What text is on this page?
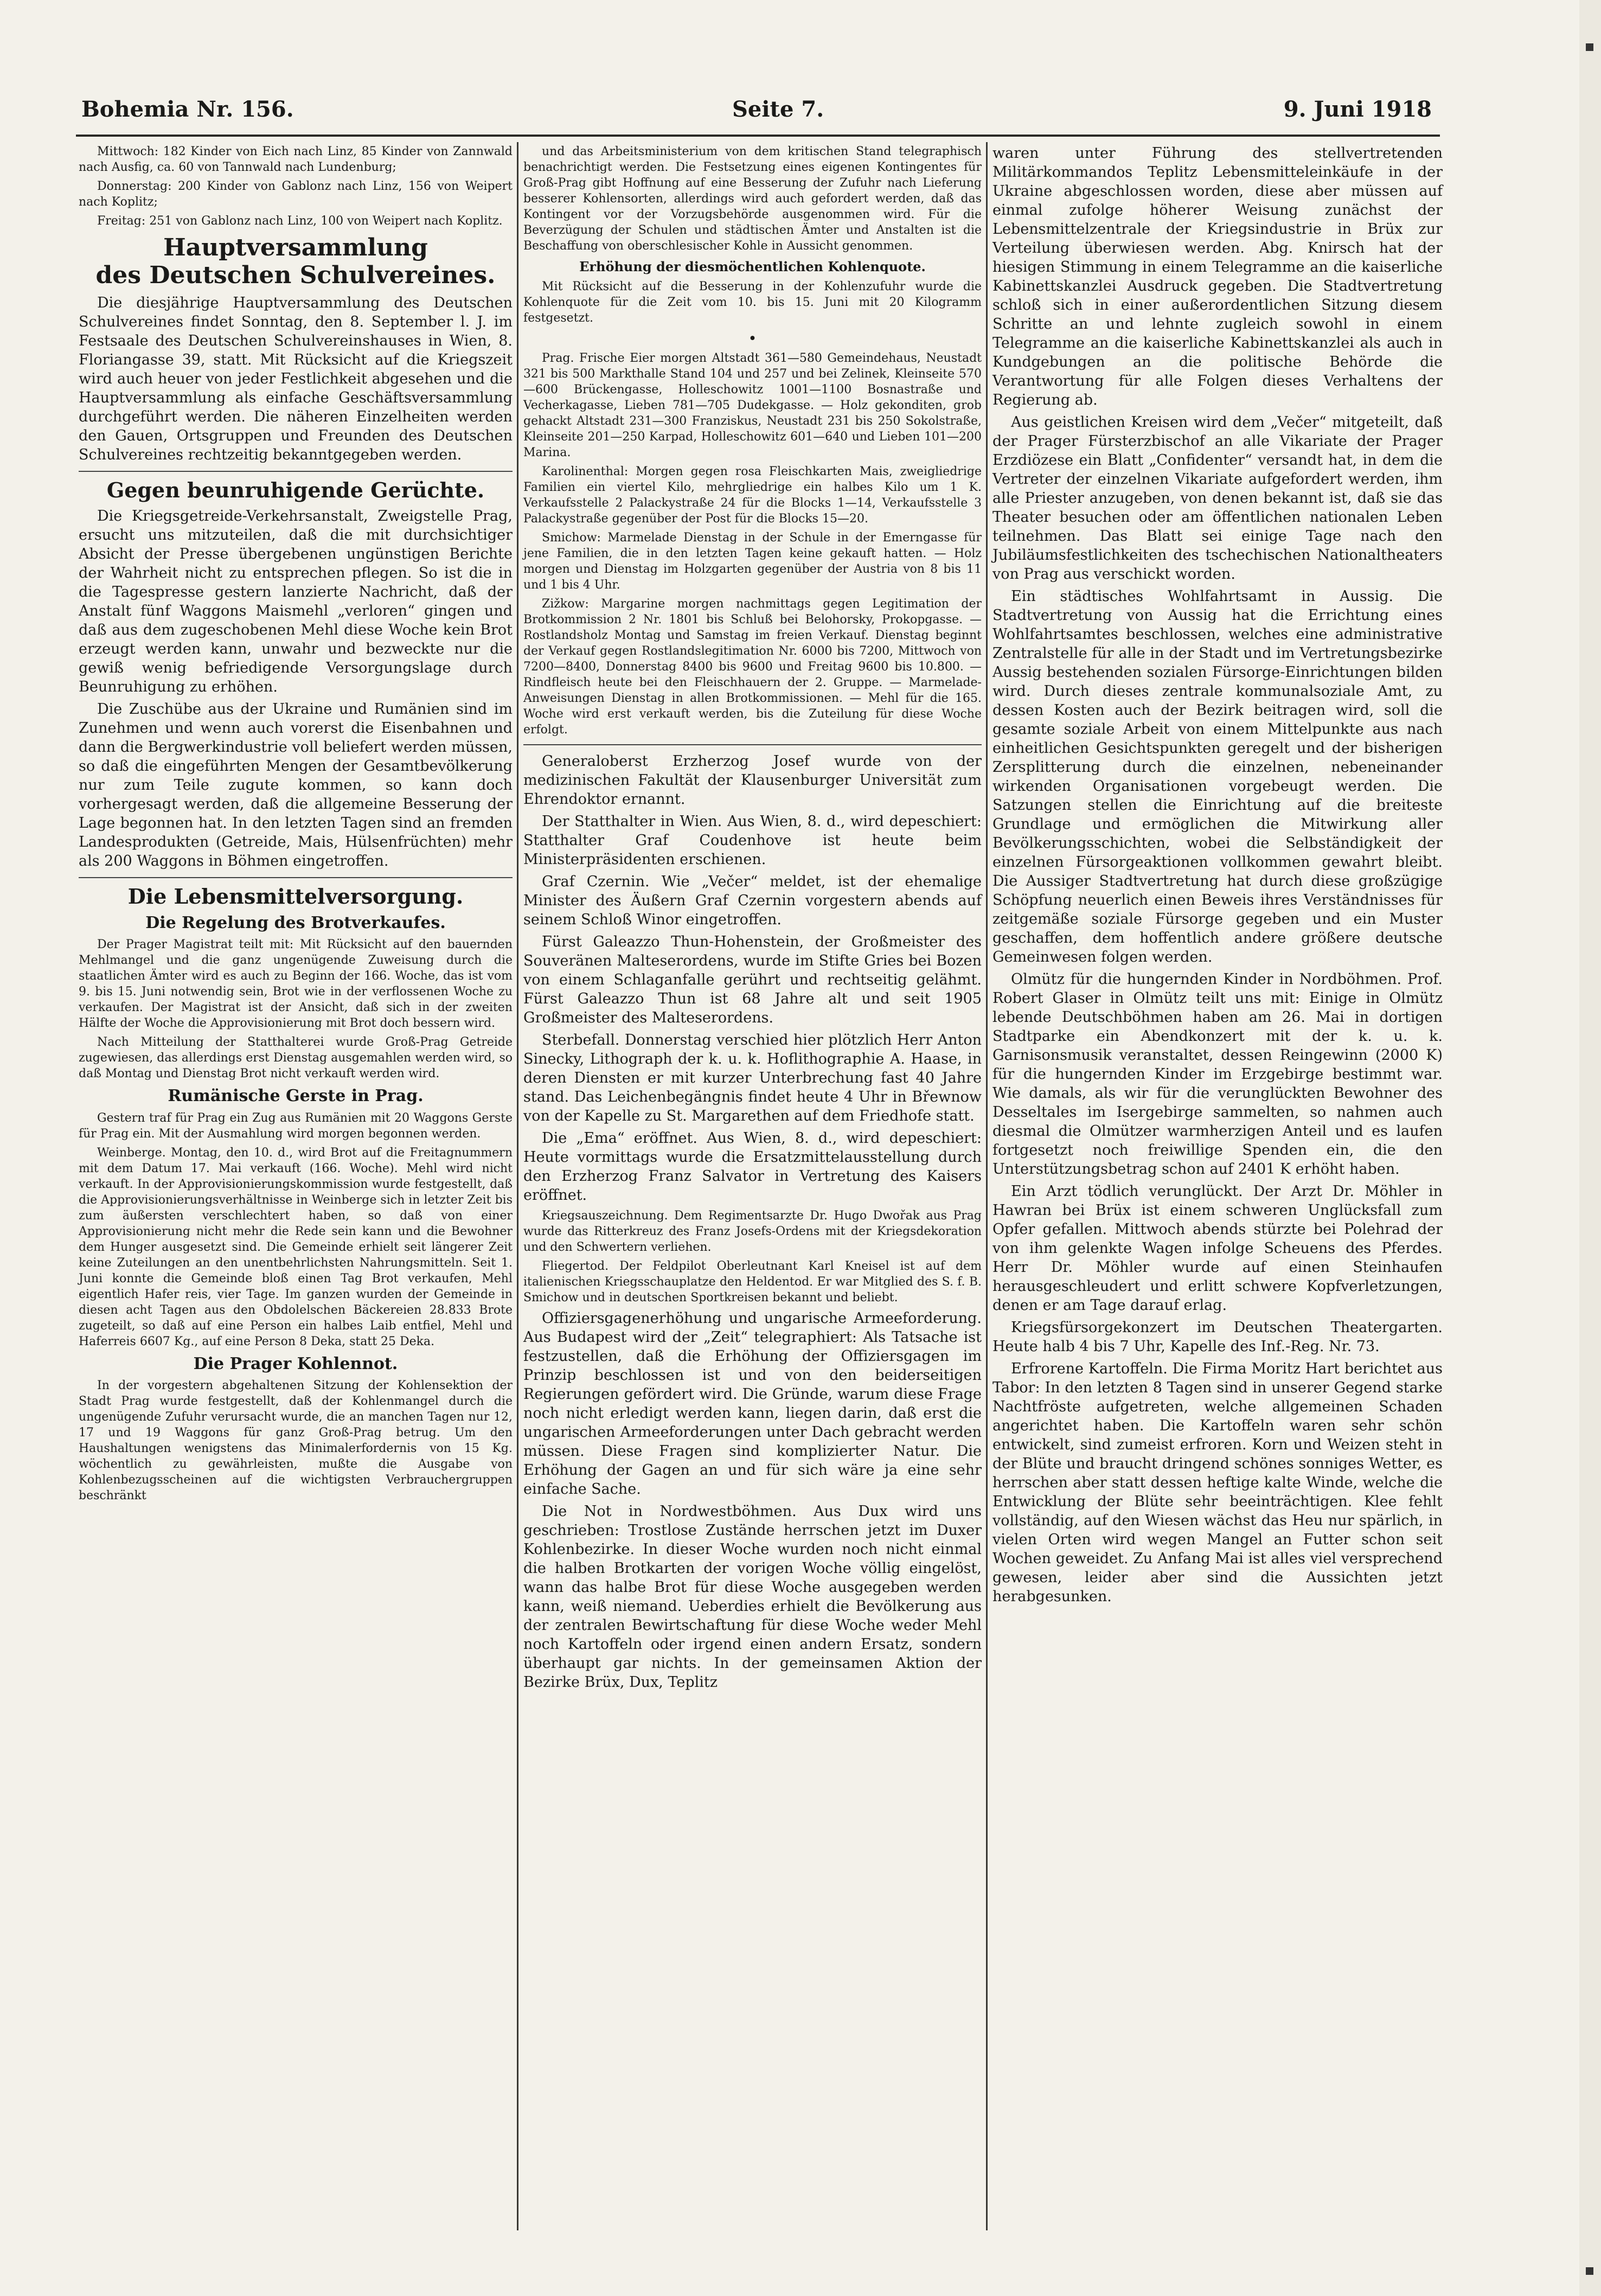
Bohemia Nr. 156.	Seite 7.	9. Juni 1918

Mittwoch: 182 Kinder von Eich nach Linz, 85 Kinder von Zannwald nach Ausfig, ca. 60 von Tannwald nach Lundenburg;

Donnerstag: 200 Kinder von Gablonz nach Linz, 156 von Weipert nach Koplitz;

Freitag: 251 von Gablonz nach Linz, 100 von Weipert nach Koplitz.

Hauptversammlung
des Deutschen Schulvereines.

Die diesjährige Hauptversammlung des Deutschen Schulvereines findet Sonntag, den 8. September l. J. im Festsaale des Deutschen Schulvereinshauses in Wien, 8. Floriangasse 39, statt. Mit Rücksicht auf die Kriegszeit wird auch heuer von jeder Festlichkeit abgesehen und die Hauptversammlung als einfache Geschäftsversammlung durchgeführt werden. Die näheren Einzelheiten werden den Gauen, Ortsgruppen und Freunden des Deutschen Schulvereines rechtzeitig bekanntgegeben werden.

Gegen beunruhigende Gerüchte.

Die Kriegsgetreide-Verkehrsanstalt, Zweigstelle Prag, ersucht uns mitzuteilen, daß die mit durchsichtiger Absicht der Presse übergebenen ungünstigen Berichte der Wahrheit nicht zu entsprechen pflegen. So ist die in die Tagespresse gestern lanzierte Nachricht, daß der Anstalt fünf Waggons Maismehl „verloren“ gingen und daß aus dem zugeschobenen Mehl diese Woche kein Brot erzeugt werden kann, unwahr und bezweckte nur die gewiß wenig befriedigende Versorgungslage durch Beunruhigung zu erhöhen.

Die Zuschübe aus der Ukraine und Rumänien sind im Zunehmen und wenn auch vorerst die Eisenbahnen und dann die Bergwerkindustrie voll beliefert werden müssen, so daß die eingeführten Mengen der Gesamtbevölkerung nur zum Teile zugute kommen, so kann doch vorhergesagt werden, daß die allgemeine Besserung der Lage begonnen hat. In den letzten Tagen sind an fremden Landesprodukten (Getreide, Mais, Hülsenfrüchten) mehr als 200 Waggons in Böhmen eingetroffen.

Die Lebensmittelversorgung.
Die Regelung des Brotverkaufes.

Der Prager Magistrat teilt mit: Mit Rücksicht auf den bauernden Mehlmangel und die ganz ungenügende Zuweisung durch die staatlichen Ämter wird es auch zu Beginn der 166. Woche, das ist vom 9. bis 15. Juni notwendig sein, Brot wie in der verflossenen Woche zu verkaufen. Der Magistrat ist der Ansicht, daß sich in der zweiten Hälfte der Woche die Approvisionierung mit Brot doch bessern wird.

Nach Mitteilung der Statthalterei wurde Groß-Prag Getreide zugewiesen, das allerdings erst Dienstag ausgemahlen werden wird, so daß Montag und Dienstag Brot nicht verkauft werden wird.

Rumänische Gerste in Prag.

Gestern traf für Prag ein Zug aus Rumänien mit 20 Waggons Gerste für Prag ein. Mit der Ausmahlung wird morgen begonnen werden.

Weinberge. Montag, den 10. d., wird Brot auf die Freitagnummern mit dem Datum 17. Mai verkauft (166. Woche). Mehl wird nicht verkauft. In der Approvisionierungskommission wurde festgestellt, daß die Approvisionierungsverhältnisse in Weinberge sich in letzter Zeit bis zum äußersten verschlechtert haben, so daß von einer Approvisionierung nicht mehr die Rede sein kann und die Bewohner dem Hunger ausgesetzt sind. Die Gemeinde erhielt seit längerer Zeit keine Zuteilungen an den unentbehrlichsten Nahrungsmitteln. Seit 1. Juni konnte die Gemeinde bloß einen Tag Brot verkaufen, Mehl eigentlich Hafer reis, vier Tage. Im ganzen wurden der Gemeinde in diesen acht Tagen aus den Obdolelschen Bäckereien 28.833 Brote zugeteilt, so daß auf eine Person ein halbes Laib entfiel, Mehl und Haferreis 6607 Kg., auf eine Person 8 Deka, statt 25 Deka.

Die Prager Kohlennot.

In der vorgestern abgehaltenen Sitzung der Kohlensektion der Stadt Prag wurde festgestellt, daß der Kohlenmangel durch die ungenügende Zufuhr verursacht wurde, die an manchen Tagen nur 12, 17 und 19 Waggons für ganz Groß-Prag betrug. Um den Haushaltungen wenigstens das Minimalerfordernis von 15 Kg. wöchentlich zu gewährleisten, mußte die Ausgabe von Kohlenbezugsscheinen auf die wichtigsten Verbrauchergruppen beschränkt

und das Arbeitsministerium von dem kritischen Stand telegraphisch benachrichtigt werden. Die Festsetzung eines eigenen Kontingentes für Groß-Prag gibt Hoffnung auf eine Besserung der Zufuhr nach Lieferung besserer Kohlensorten, allerdings wird auch gefordert werden, daß das Kontingent vor der Vorzugsbehörde ausgenommen wird. Für die Beverzügung der Schulen und städtischen Ämter und Anstalten ist die Beschaffung von oberschlesischer Kohle in Aussicht genommen.

Erhöhung der diesmöchentlichen Kohlenquote.

Mit Rücksicht auf die Besserung in der Kohlenzufuhr wurde die Kohlenquote für die Zeit vom 10. bis 15. Juni mit 20 Kilogramm festgesetzt.

•

Prag. Frische Eier morgen Altstadt 361—580 Gemeindehaus, Neustadt 321 bis 500 Markthalle Stand 104 und 257 und bei Zelinek, Kleinseite 570—600 Brückengasse, Holleschowitz 1001—1100 Bosnastraße und Vecherkagasse, Lieben 781—705 Dudekgasse. — Holz gekonditen, grob gehackt Altstadt 231—300 Franziskus, Neustadt 231 bis 250 Sokolstraße, Kleinseite 201—250 Karpad, Holleschowitz 601—640 und Lieben 101—200 Marina.

Karolinenthal: Morgen gegen rosa Fleischkarten Mais, zweigliedrige Familien ein viertel Kilo, mehrgliedrige ein halbes Kilo um 1 K. Verkaufsstelle 2 Palackystraße 24 für die Blocks 1—14, Verkaufsstelle 3 Palackystraße gegenüber der Post für die Blocks 15—20.

Smichow: Marmelade Dienstag in der Schule in der Emerngasse für jene Familien, die in den letzten Tagen keine gekauft hatten. — Holz morgen und Dienstag im Holzgarten gegenüber der Austria von 8 bis 11 und 1 bis 4 Uhr.

Zižkow: Margarine morgen nachmittags gegen Legitimation der Brotkommission 2 Nr. 1801 bis Schluß bei Belohorsky, Prokopgasse. — Rostlandsholz Montag und Samstag im freien Verkauf. Dienstag beginnt der Verkauf gegen Rostlandslegitimation Nr. 6000 bis 7200, Mittwoch von 7200—8400, Donnerstag 8400 bis 9600 und Freitag 9600 bis 10.800. — Rindfleisch heute bei den Fleischhauern der 2. Gruppe. — Marmelade-Anweisungen Dienstag in allen Brotkommissionen. — Mehl für die 165. Woche wird erst verkauft werden, bis die Zuteilung für diese Woche erfolgt.

Generaloberst Erzherzog Josef wurde von der medizinischen Fakultät der Klausenburger Universität zum Ehrendoktor ernannt.

Der Statthalter in Wien. Aus Wien, 8. d., wird depeschiert: Statthalter Graf Coudenhove ist heute beim Ministerpräsidenten erschienen.

Graf Czernin. Wie „Večer“ meldet, ist der ehemalige Minister des Äußern Graf Czernin vorgestern abends auf seinem Schloß Winor eingetroffen.

Fürst Galeazzo Thun-Hohenstein, der Großmeister des Souveränen Malteserordens, wurde im Stifte Gries bei Bozen von einem Schlaganfalle gerührt und rechtseitig gelähmt. Fürst Galeazzo Thun ist 68 Jahre alt und seit 1905 Großmeister des Malteserordens.

Sterbefall. Donnerstag verschied hier plötzlich Herr Anton Sinecky, Lithograph der k. u. k. Hoflithographie A. Haase, in deren Diensten er mit kurzer Unterbrechung fast 40 Jahre stand. Das Leichenbegängnis findet heute 4 Uhr in Břewnow von der Kapelle zu St. Margarethen auf dem Friedhofe statt.

Die „Ema“ eröffnet. Aus Wien, 8. d., wird depeschiert: Heute vormittags wurde die Ersatzmittelausstellung durch den Erzherzog Franz Salvator in Vertretung des Kaisers eröffnet.

Kriegsauszeichnung. Dem Regimentsarzte Dr. Hugo Dwořak aus Prag wurde das Ritterkreuz des Franz Josefs-Ordens mit der Kriegsdekoration und den Schwertern verliehen.

Fliegertod. Der Feldpilot Oberleutnant Karl Kneisel ist auf dem italienischen Kriegsschauplatze den Heldentod. Er war Mitglied des S. f. B. Smichow und in deutschen Sportkreisen bekannt und beliebt.

Offiziersgagenerhöhung und ungarische Armeeforderung. Aus Budapest wird der „Zeit“ telegraphiert: Als Tatsache ist festzustellen, daß die Erhöhung der Offiziersgagen im Prinzip beschlossen ist und von den beiderseitigen Regierungen gefördert wird. Die Gründe, warum diese Frage noch nicht erledigt werden kann, liegen darin, daß erst die ungarischen Armeeforderungen unter Dach gebracht werden müssen. Diese Fragen sind komplizierter Natur. Die Erhöhung der Gagen an und für sich wäre ja eine sehr einfache Sache.

Die Not in Nordwestböhmen. Aus Dux wird uns geschrieben: Trostlose Zustände herrschen jetzt im Duxer Kohlenbezirke. In dieser Woche wurden noch nicht einmal die halben Brotkarten der vorigen Woche völlig eingelöst, wann das halbe Brot für diese Woche ausgegeben werden kann, weiß niemand. Ueberdies erhielt die Bevölkerung aus der zentralen Bewirtschaftung für diese Woche weder Mehl noch Kartoffeln oder irgend einen andern Ersatz, sondern überhaupt gar nichts. In der gemeinsamen Aktion der Bezirke Brüx, Dux, Teplitz

waren unter Führung des stellvertretenden Militärkommandos Teplitz Lebensmitteleinkäufe in der Ukraine abgeschlossen worden, diese aber müssen auf einmal zufolge höherer Weisung zunächst der Lebensmittelzentrale der Kriegsindustrie in Brüx zur Verteilung überwiesen werden. Abg. Knirsch hat der hiesigen Stimmung in einem Telegramme an die kaiserliche Kabinettskanzlei Ausdruck gegeben. Die Stadtvertretung schloß sich in einer außerordentlichen Sitzung diesem Schritte an und lehnte zugleich sowohl in einem Telegramme an die kaiserliche Kabinettskanzlei als auch in Kundgebungen an die politische Behörde die Verantwortung für alle Folgen dieses Verhaltens der Regierung ab.

Aus geistlichen Kreisen wird dem „Večer“ mitgeteilt, daß der Prager Fürsterzbischof an alle Vikariate der Prager Erzdiözese ein Blatt „Confidenter“ versandt hat, in dem die Vertreter der einzelnen Vikariate aufgefordert werden, ihm alle Priester anzugeben, von denen bekannt ist, daß sie das Theater besuchen oder am öffentlichen nationalen Leben teilnehmen. Das Blatt sei einige Tage nach den Jubiläumsfestlichkeiten des tschechischen Nationaltheaters von Prag aus verschickt worden.

Ein städtisches Wohlfahrtsamt in Aussig. Die Stadtvertretung von Aussig hat die Errichtung eines Wohlfahrtsamtes beschlossen, welches eine administrative Zentralstelle für alle in der Stadt und im Vertretungsbezirke Aussig bestehenden sozialen Fürsorge-Einrichtungen bilden wird. Durch dieses zentrale kommunalsoziale Amt, zu dessen Kosten auch der Bezirk beitragen wird, soll die gesamte soziale Arbeit von einem Mittelpunkte aus nach einheitlichen Gesichtspunkten geregelt und der bisherigen Zersplitterung durch die einzelnen, nebeneinander wirkenden Organisationen vorgebeugt werden. Die Satzungen stellen die Einrichtung auf die breiteste Grundlage und ermöglichen die Mitwirkung aller Bevölkerungsschichten, wobei die Selbständigkeit der einzelnen Fürsorgeaktionen vollkommen gewahrt bleibt. Die Aussiger Stadtvertretung hat durch diese großzügige Schöpfung neuerlich einen Beweis ihres Verständnisses für zeitgemäße soziale Fürsorge gegeben und ein Muster geschaffen, dem hoffentlich andere größere deutsche Gemeinwesen folgen werden.

Olmütz für die hungernden Kinder in Nordböhmen. Prof. Robert Glaser in Olmütz teilt uns mit: Einige in Olmütz lebende Deutschböhmen haben am 26. Mai in dortigen Stadtparke ein Abendkonzert mit der k. u. k. Garnisonsmusik veranstaltet, dessen Reingewinn (2000 K) für die hungernden Kinder im Erzgebirge bestimmt war. Wie damals, als wir für die verunglückten Bewohner des Desseltales im Isergebirge sammelten, so nahmen auch diesmal die Olmützer warmherzigen Anteil und es laufen fortgesetzt noch freiwillige Spenden ein, die den Unterstützungsbetrag schon auf 2401 K erhöht haben.

Ein Arzt tödlich verunglückt. Der Arzt Dr. Möhler in Hawran bei Brüx ist einem schweren Unglücksfall zum Opfer gefallen. Mittwoch abends stürzte bei Polehrad der von ihm gelenkte Wagen infolge Scheuens des Pferdes. Herr Dr. Möhler wurde auf einen Steinhaufen herausgeschleudert und erlitt schwere Kopfverletzungen, denen er am Tage darauf erlag.

Kriegsfürsorgekonzert im Deutschen Theatergarten. Heute halb 4 bis 7 Uhr, Kapelle des Inf.-Reg. Nr. 73.

Erfrorene Kartoffeln. Die Firma Moritz Hart berichtet aus Tabor: In den letzten 8 Tagen sind in unserer Gegend starke Nachtfröste aufgetreten, welche allgemeinen Schaden angerichtet haben. Die Kartoffeln waren sehr schön entwickelt, sind zumeist erfroren. Korn und Weizen steht in der Blüte und braucht dringend schönes sonniges Wetter, es herrschen aber statt dessen heftige kalte Winde, welche die Entwicklung der Blüte sehr beeinträchtigen. Klee fehlt vollständig, auf den Wiesen wächst das Heu nur spärlich, in vielen Orten wird wegen Mangel an Futter schon seit Wochen geweidet. Zu Anfang Mai ist alles viel versprechend gewesen, leider aber sind die Aussichten jetzt herabgesunken.
